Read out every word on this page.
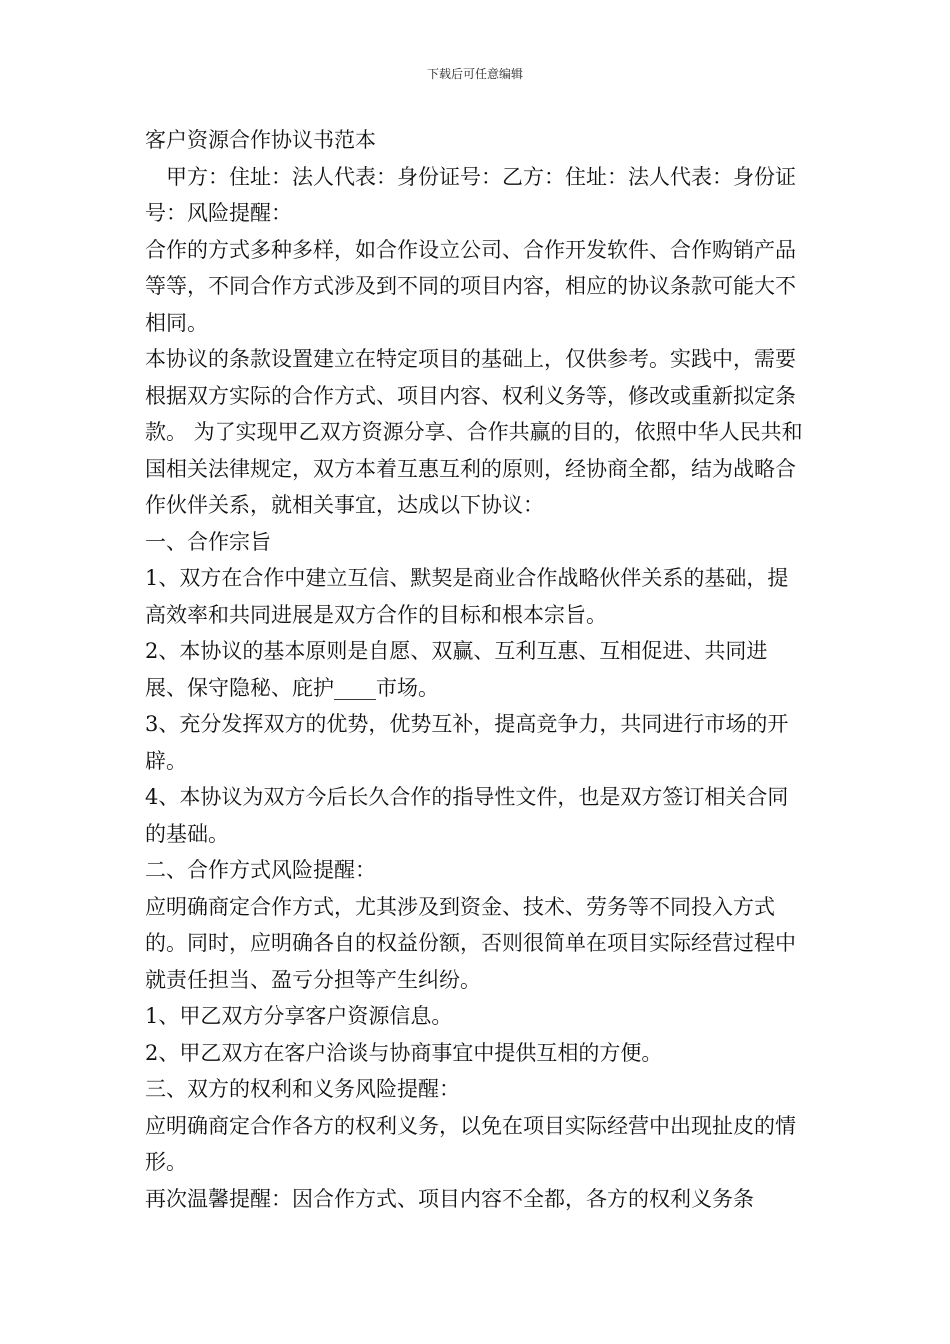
下载后可任意编辑

客户资源合作协议书范本

甲方：住址：法人代表：身份证号：乙方：住址：法人代表：身份证号：风险提醒：

合作的方式多种多样，如合作设立公司、合作开发软件、合作购销产品等等，不同合作方式涉及到不同的项目内容，相应的协议条款可能大不相同。

本协议的条款设置建立在特定项目的基础上，仅供参考。实践中，需要根据双方实际的合作方式、项目内容、权利义务等，修改或重新拟定条款。 为了实现甲乙双方资源分享、合作共赢的目的，依照中华人民共和国相关法律规定，双方本着互惠互利的原则，经协商全都，结为战略合作伙伴关系，就相关事宜，达成以下协议：

一、合作宗旨

1、双方在合作中建立互信、默契是商业合作战略伙伴关系的基础，提高效率和共同进展是双方合作的目标和根本宗旨。

2、本协议的基本原则是自愿、双赢、互利互惠、互相促进、共同进展、保守隐秘、庇护____市场。

3、充分发挥双方的优势，优势互补，提高竞争力，共同进行市场的开辟。

4、本协议为双方今后长久合作的指导性文件，也是双方签订相关合同的基础。

二、合作方式风险提醒：

应明确商定合作方式，尤其涉及到资金、技术、劳务等不同投入方式的。同时，应明确各自的权益份额，否则很简单在项目实际经营过程中就责任担当、盈亏分担等产生纠纷。

1、甲乙双方分享客户资源信息。

2、甲乙双方在客户洽谈与协商事宜中提供互相的方便。

三、双方的权利和义务风险提醒：

应明确商定合作各方的权利义务，以免在项目实际经营中出现扯皮的情形。

再次温馨提醒：因合作方式、项目内容不全都，各方的权利义务条
